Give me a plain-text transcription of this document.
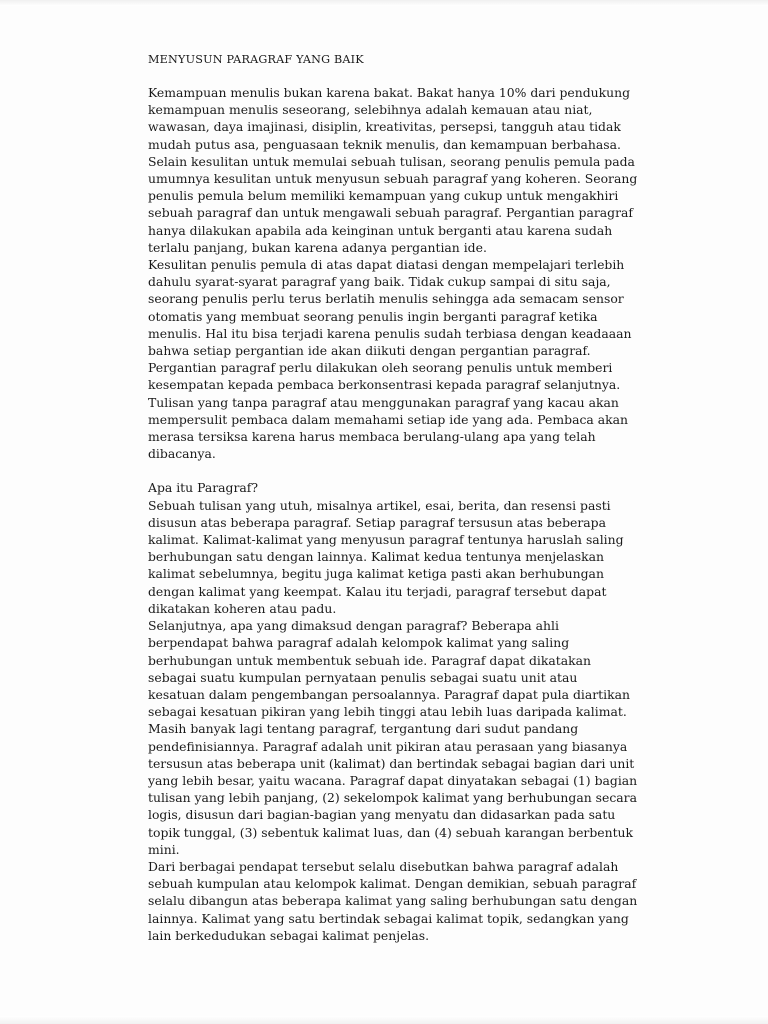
MENYUSUN PARAGRAF YANG BAIK

Kemampuan menulis bukan karena bakat. Bakat hanya 10% dari pendukung kemampuan menulis seseorang, selebihnya adalah kemauan atau niat, wawasan, daya imajinasi, disiplin, kreativitas, persepsi, tangguh atau tidak mudah putus asa, penguasaan teknik menulis, dan kemampuan berbahasa. Selain kesulitan untuk memulai sebuah tulisan, seorang penulis pemula pada umumnya kesulitan untuk menyusun sebuah paragraf yang koheren. Seorang penulis pemula belum memiliki kemampuan yang cukup untuk mengakhiri sebuah paragraf dan untuk mengawali sebuah paragraf. Pergantian paragraf hanya dilakukan apabila ada keinginan untuk berganti atau karena sudah terlalu panjang, bukan karena adanya pergantian ide.

Kesulitan penulis pemula di atas dapat diatasi dengan mempelajari terlebih dahulu syarat-syarat paragraf yang baik. Tidak cukup sampai di situ saja, seorang penulis perlu terus berlatih menulis sehingga ada semacam sensor otomatis yang membuat seorang penulis ingin berganti paragraf ketika menulis. Hal itu bisa terjadi karena penulis sudah terbiasa dengan keadaaan bahwa setiap pergantian ide akan diikuti dengan pergantian paragraf. Pergantian paragraf perlu dilakukan oleh seorang penulis untuk memberi kesempatan kepada pembaca berkonsentrasi kepada paragraf selanjutnya. Tulisan yang tanpa paragraf atau menggunakan paragraf yang kacau akan mempersulit pembaca dalam memahami setiap ide yang ada. Pembaca akan merasa tersiksa karena harus membaca berulang-ulang apa yang telah dibacanya.

Apa itu Paragraf?

Sebuah tulisan yang utuh, misalnya artikel, esai, berita, dan resensi pasti disusun atas beberapa paragraf. Setiap paragraf tersusun atas beberapa kalimat. Kalimat-kalimat yang menyusun paragraf tentunya haruslah saling berhubungan satu dengan lainnya. Kalimat kedua tentunya menjelaskan kalimat sebelumnya, begitu juga kalimat ketiga pasti akan berhubungan dengan kalimat yang keempat. Kalau itu terjadi, paragraf tersebut dapat dikatakan koheren atau padu.

Selanjutnya, apa yang dimaksud dengan paragraf? Beberapa ahli berpendapat bahwa paragraf adalah kelompok kalimat yang saling berhubungan untuk membentuk sebuah ide. Paragraf dapat dikatakan sebagai suatu kumpulan pernyataan penulis sebagai suatu unit atau kesatuan dalam pengembangan persoalannya. Paragraf dapat pula diartikan sebagai kesatuan pikiran yang lebih tinggi atau lebih luas daripada kalimat.

Masih banyak lagi tentang paragraf, tergantung dari sudut pandang pendefinisiannya. Paragraf adalah unit pikiran atau perasaan yang biasanya tersusun atas beberapa unit (kalimat) dan bertindak sebagai bagian dari unit yang lebih besar, yaitu wacana. Paragraf dapat dinyatakan sebagai (1) bagian tulisan yang lebih panjang, (2) sekelompok kalimat yang berhubungan secara logis, disusun dari bagian-bagian yang menyatu dan didasarkan pada satu topik tunggal, (3) sebentuk kalimat luas, dan (4) sebuah karangan berbentuk mini.

Dari berbagai pendapat tersebut selalu disebutkan bahwa paragraf adalah sebuah kumpulan atau kelompok kalimat. Dengan demikian, sebuah paragraf selalu dibangun atas beberapa kalimat yang saling berhubungan satu dengan lainnya. Kalimat yang satu bertindak sebagai kalimat topik, sedangkan yang lain berkedudukan sebagai kalimat penjelas.
